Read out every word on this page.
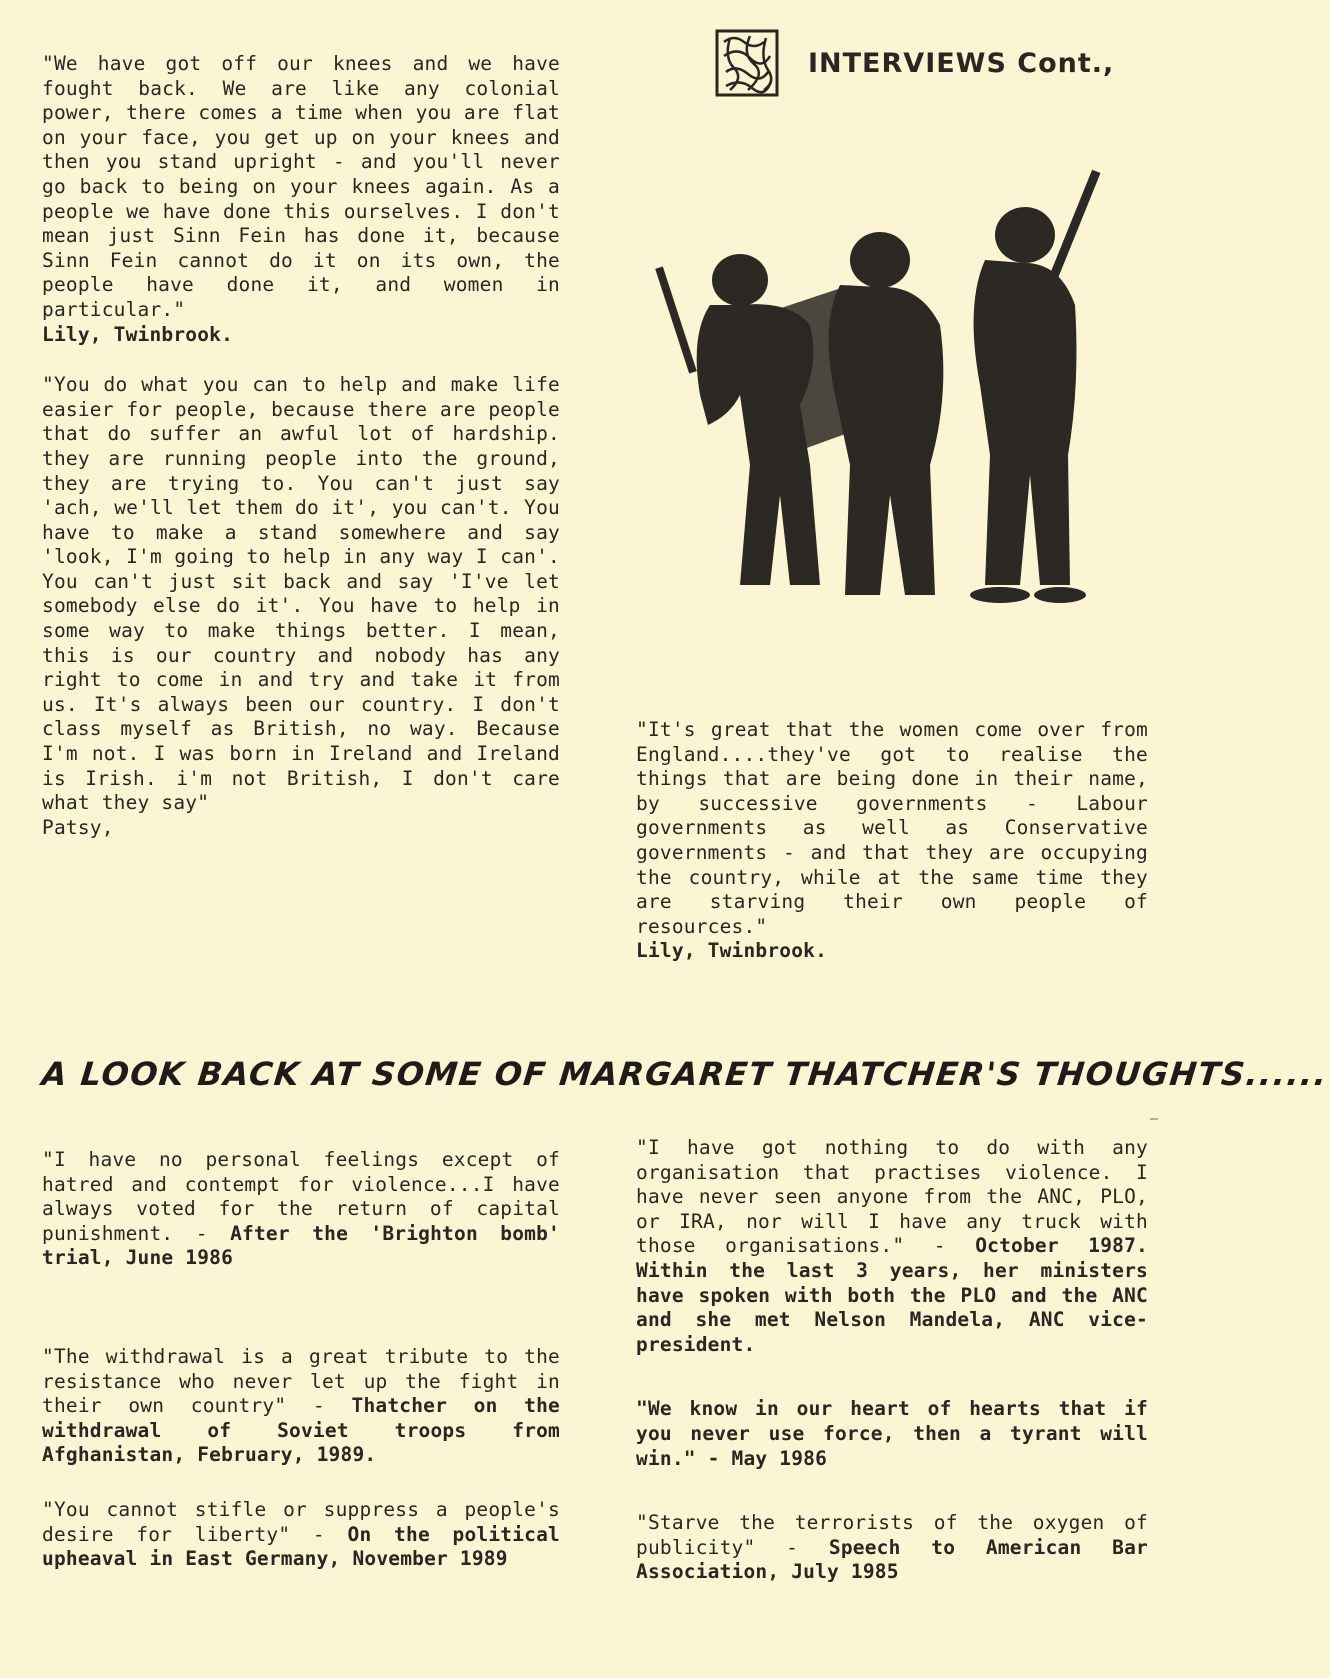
INTERVIEWS Cont.,

"We have got off our knees and we have fought back. We are like any colonial power, there comes a time when you are flat on your face, you get up on your knees and then you stand upright - and you'll never go back to being on your knees again. As a people we have done this ourselves. I don't mean just Sinn Fein has done it, because Sinn Fein cannot do it on its own, the people have done it, and women in particular."

Lily, Twinbrook.

"You do what you can to help and make life easier for people, because there are people that do suffer an awful lot of hardship. they are running people into the ground, they are trying to. You can't just say 'ach, we'll let them do it', you can't. You have to make a stand somewhere and say 'look, I'm going to help in any way I can'. You can't just sit back and say 'I've let somebody else do it'. You have to help in some way to make things better. I mean, this is our country and nobody has any right to come in and try and take it from us. It's always been our country. I don't class myself as British, no way. Because I'm not. I was born in Ireland and Ireland is Irish. i'm not British, I don't care what they say"

Patsy,

"It's great that the women come over from England....they've got to realise the things that are being done in their name, by successive governments - Labour governments as well as Conservative governments - and that they are occupying the country, while at the same time they are starving their own people of resources."

Lily, Twinbrook.

A LOOK BACK AT SOME OF MARGARET THATCHER'S THOUGHTS......
"I have no personal feelings except of hatred and contempt for violence...I have always voted for the return of capital punishment. - After the 'Brighton bomb' trial, June 1986
"The withdrawal is a great tribute to the resistance who never let up the fight in their own country" - Thatcher on the withdrawal of Soviet troops from Afghanistan, February, 1989.
"You cannot stifle or suppress a people's desire for liberty" - On the political upheaval in East Germany, November 1989
"I have got nothing to do with any organisation that practises violence. I have never seen anyone from the ANC, PLO, or IRA, nor will I have any truck with those organisations." - October 1987. Within the last 3 years, her ministers have spoken with both the PLO and the ANC and she met Nelson Mandela, ANC vice-president.
"We know in our heart of hearts that if you never use force, then a tyrant will win." - May 1986
"Starve the terrorists of the oxygen of publicity" - Speech to American Bar Association, July 1985
